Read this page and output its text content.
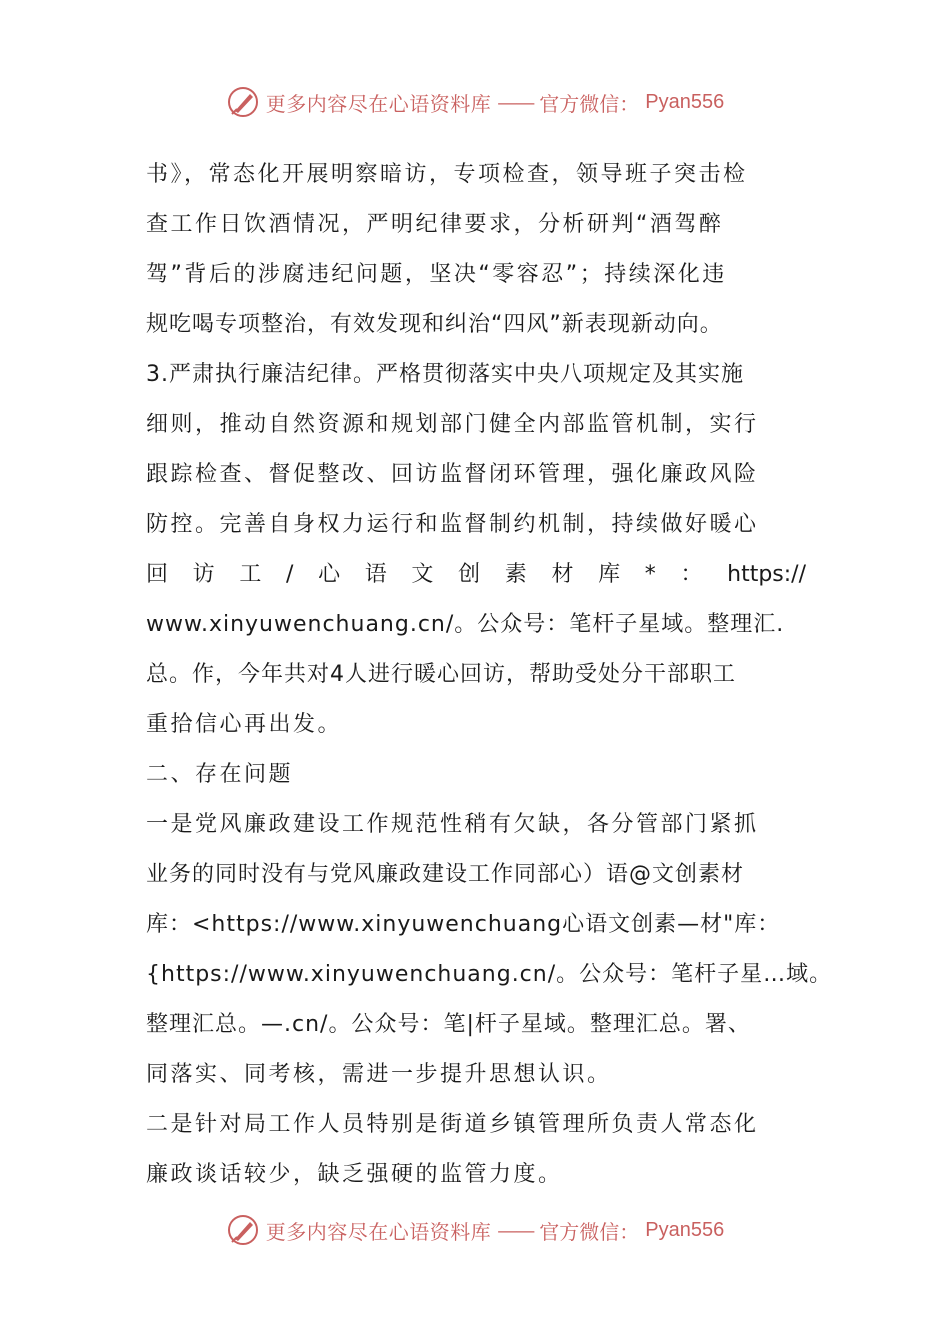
更多内容尽在心语资料库 —— 官方微信： Pyan556
书》，常态化开展明察暗访，专项检查，领导班子突击检
查工作日饮酒情况，严明纪律要求，分析研判“酒驾醉
驾”背后的涉腐违纪问题，坚决“零容忍”；持续深化违
规吃喝专项整治，有效发现和纠治“四风”新表现新动向。
3.严肃执行廉洁纪律。严格贯彻落实中央八项规定及其实施
细则，推动自然资源和规划部门健全内部监管机制，实行
跟踪检查、督促整改、回访监督闭环管理，强化廉政风险
防控。完善自身权力运行和监督制约机制，持续做好暖心
回访工/心语文创素材库*：https://
www.xinyuwenchuang.cn/。公众号：笔杆子星域。整理汇.
总。作，今年共对4人进行暖心回访，帮助受处分干部职工
重拾信心再出发。
二、存在问题
一是党风廉政建设工作规范性稍有欠缺，各分管部门紧抓
业务的同时没有与党风廉政建设工作同部心）语@文创素材
库：<https://www.xinyuwenchuang心语文创素—材"库：
{https://www.xinyuwenchuang.cn/。公众号：笔杆子星…域。
整理汇总。—.cn/。公众号：笔|杆子星域。整理汇总。署、
同落实、同考核，需进一步提升思想认识。
二是针对局工作人员特别是街道乡镇管理所负责人常态化
廉政谈话较少，缺乏强硬的监管力度。
更多内容尽在心语资料库 —— 官方微信： Pyan556
